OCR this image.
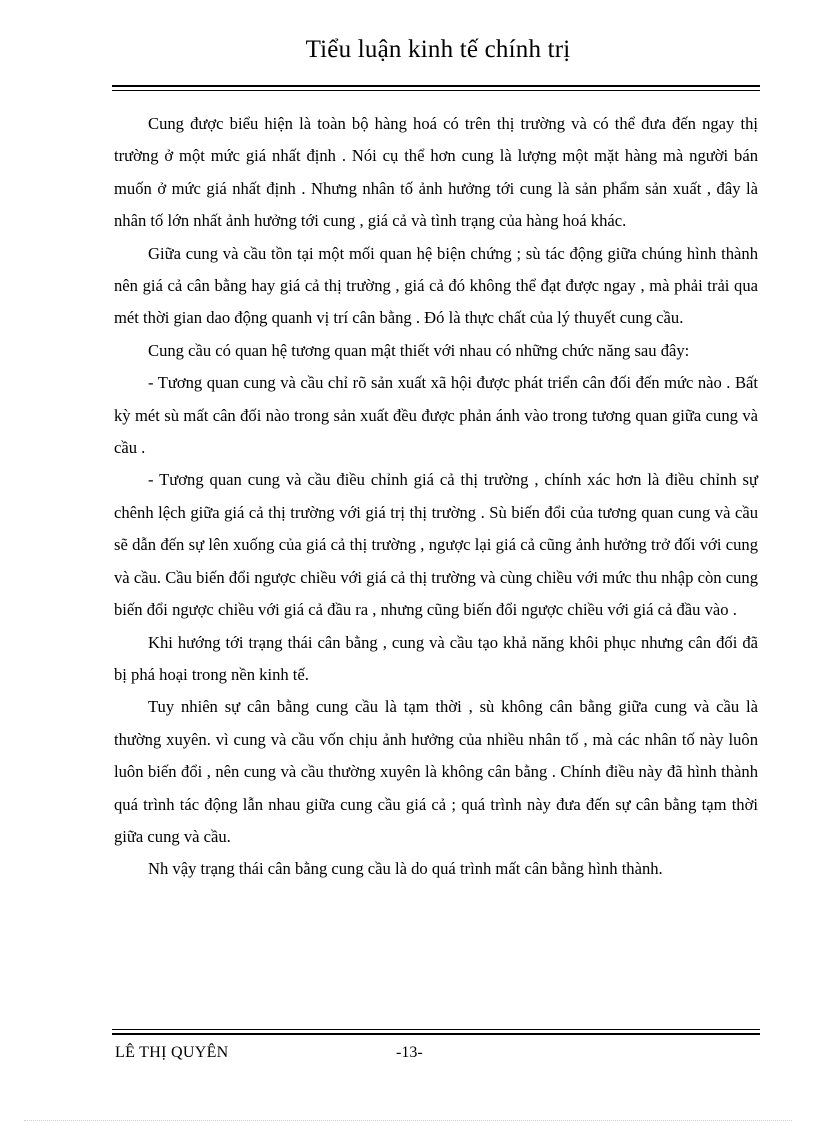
Tiểu luận kinh tế chính trị

Cung được biểu hiện là toàn bộ hàng hoá có trên thị trường và có thể đưa đến ngay thị trường ở một mức giá nhất định . Nói cụ thể hơn cung là lượng một mặt hàng mà người bán muốn ở mức giá nhất định . Nhưng nhân tố ảnh hưởng tới cung là sản phẩm sản xuất , đây là nhân tố lớn nhất ảnh hưởng tới cung , giá cả và tình trạng của hàng hoá khác.

Giữa cung và cầu tồn tại một mối quan hệ biện chứng ; sù tác động giữa chúng hình thành nên giá cả cân bằng hay giá cả thị trường , giá cả đó không thể đạt được ngay , mà phải trải qua mét thời gian dao động quanh vị trí cân bằng . Đó là thực chất của lý thuyết cung cầu.

Cung cầu có quan hệ tương quan mật thiết với nhau có những chức năng sau đây:

- Tương quan cung và cầu chỉ rõ sản xuất xã hội được phát triển cân đối đến mức nào . Bất kỳ mét sù mất cân đối nào trong sản xuất đều được phản ánh vào trong tương quan giữa cung và cầu .

- Tương quan cung và cầu điều chỉnh giá cả thị trường , chính xác hơn là điều chỉnh sự chênh lệch giữa giá cả thị trường với giá trị thị trường . Sù biến đổi của tương quan cung và cầu sẽ dẫn đến sự lên xuống của giá cả thị trường , ngược lại giá cả cũng ảnh hưởng trở đối với cung và cầu. Cầu biến đổi ngược chiều với giá cả thị trường và cùng chiều với mức thu nhập còn cung biến đổi ngược chiều với giá cả đầu ra , nhưng cũng biến đổi ngược chiều với giá cả đầu vào .

Khi hướng tới trạng thái cân bằng , cung và cầu tạo khả năng khôi phục nhưng cân đối đã bị phá hoại trong nền kinh tế.

Tuy nhiên sự cân bằng cung cầu là tạm thời , sù không cân bằng giữa cung và cầu là thường xuyên. vì cung và cầu vốn chịu ảnh hưởng của nhiều nhân tố , mà các nhân tố này luôn luôn biến đổi , nên cung và cầu thường xuyên là không cân bằng . Chính điều này đã hình thành quá trình tác động lẫn nhau giữa cung cầu giá cả ; quá trình này đưa đến sự cân bằng tạm thời giữa cung và cầu.

Nh vậy trạng thái cân bằng cung cầu là do quá trình mất cân bằng hình thành.

LÊ THỊ QUYÊN	-13-
